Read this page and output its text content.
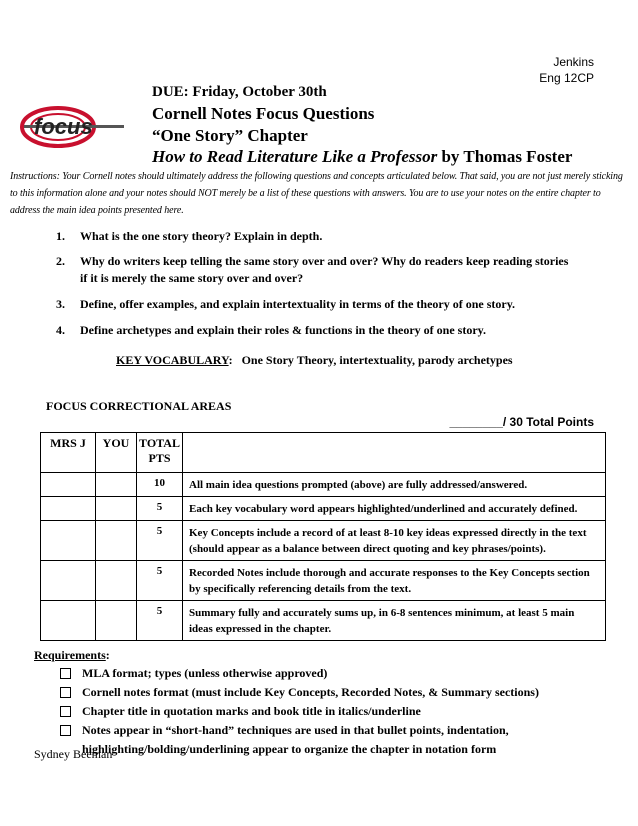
Jenkins
Eng 12CP
focus
DUE: Friday, October 30th
Cornell Notes Focus Questions
“One Story” Chapter
How to Read Literature Like a Professor by Thomas Foster
Instructions: Your Cornell notes should ultimately address the following questions and concepts articulated below. That said, you are not just merely sticking to this information alone and your notes should NOT merely be a list of these questions with answers. You are to use your notes on the entire chapter to address the main idea points presented here.
1. What is the one story theory? Explain in depth.
2. Why do writers keep telling the same story over and over? Why do readers keep reading stories if it is merely the same story over and over?
3. Define, offer examples, and explain intertextuality in terms of the theory of one story.
4. Define archetypes and explain their roles & functions in the theory of one story.
KEY VOCABULARY: One Story Theory, intertextuality, parody archetypes
FOCUS CORRECTIONAL AREAS
________/ 30 Total Points
MRS J	YOU	TOTAL PTS	
		10	All main idea questions prompted (above) are fully addressed/answered.
		5	Each key vocabulary word appears highlighted/underlined and accurately defined.
		5	Key Concepts include a record of at least 8-10 key ideas expressed directly in the text (should appear as a balance between direct quoting and key phrases/points).
		5	Recorded Notes include thorough and accurate responses to the Key Concepts section by specifically referencing details from the text.
		5	Summary fully and accurately sums up, in 6-8 sentences minimum, at least 5 main ideas expressed in the chapter.
Requirements:
MLA format; types (unless otherwise approved)
Cornell notes format (must include Key Concepts, Recorded Notes, & Summary sections)
Chapter title in quotation marks and book title in italics/underline
Notes appear in “short-hand” techniques are used in that bullet points, indentation, highlighting/bolding/underlining appear to organize the chapter in notation form
Sydney Beeman
